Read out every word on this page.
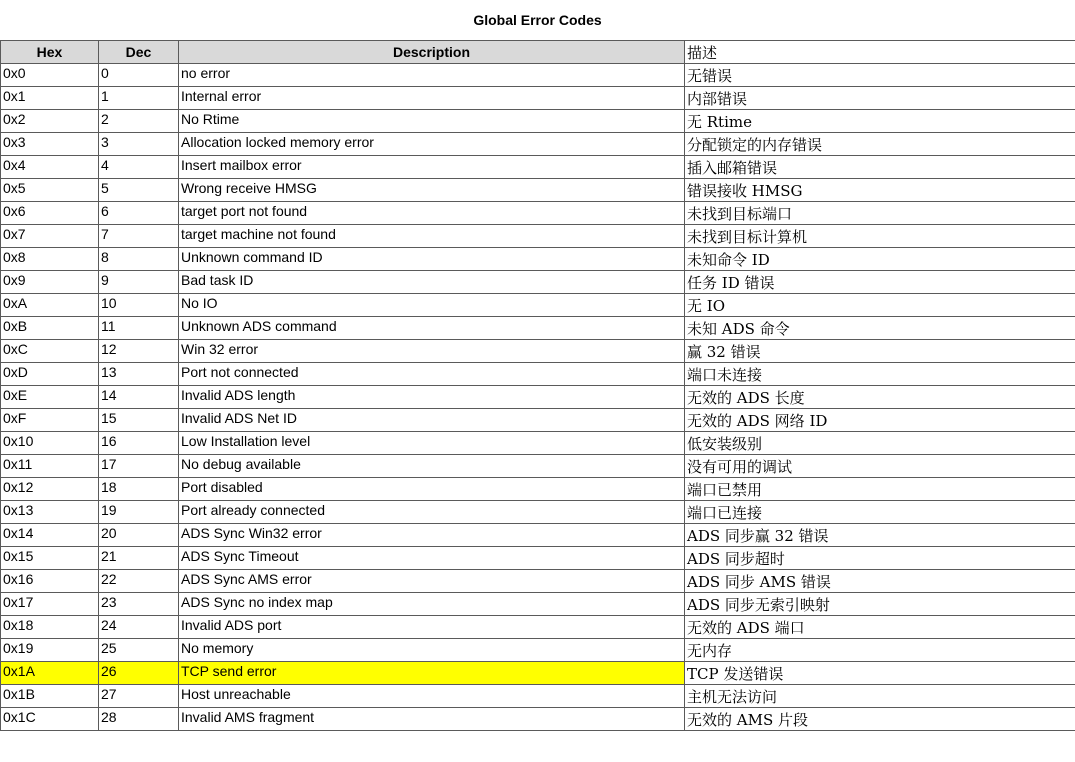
Global Error Codes
Hex	Dec	Description	描述
0x0	0	no error	无错误
0x1	1	Internal error	内部错误
0x2	2	No Rtime	无 Rtime
0x3	3	Allocation locked memory error	分配锁定的内存错误
0x4	4	Insert mailbox error	插入邮箱错误
0x5	5	Wrong receive HMSG	错误接收 HMSG
0x6	6	target port not found	未找到目标端口
0x7	7	target machine not found	未找到目标计算机
0x8	8	Unknown command ID	未知命令 ID
0x9	9	Bad task ID	任务 ID 错误
0xA	10	No IO	无 IO
0xB	11	Unknown ADS command	未知 ADS 命令
0xC	12	Win 32 error	赢 32 错误
0xD	13	Port not connected	端口未连接
0xE	14	Invalid ADS length	无效的 ADS 长度
0xF	15	Invalid ADS Net ID	无效的 ADS 网络 ID
0x10	16	Low Installation level	低安装级别
0x11	17	No debug available	没有可用的调试
0x12	18	Port disabled	端口已禁用
0x13	19	Port already connected	端口已连接
0x14	20	ADS Sync Win32 error	ADS 同步赢 32 错误
0x15	21	ADS Sync Timeout	ADS 同步超时
0x16	22	ADS Sync AMS error	ADS 同步 AMS 错误
0x17	23	ADS Sync no index map	ADS 同步无索引映射
0x18	24	Invalid ADS port	无效的 ADS 端口
0x19	25	No memory	无内存
0x1A	26	TCP send error	TCP 发送错误
0x1B	27	Host unreachable	主机无法访问
0x1C	28	Invalid AMS fragment	无效的 AMS 片段
